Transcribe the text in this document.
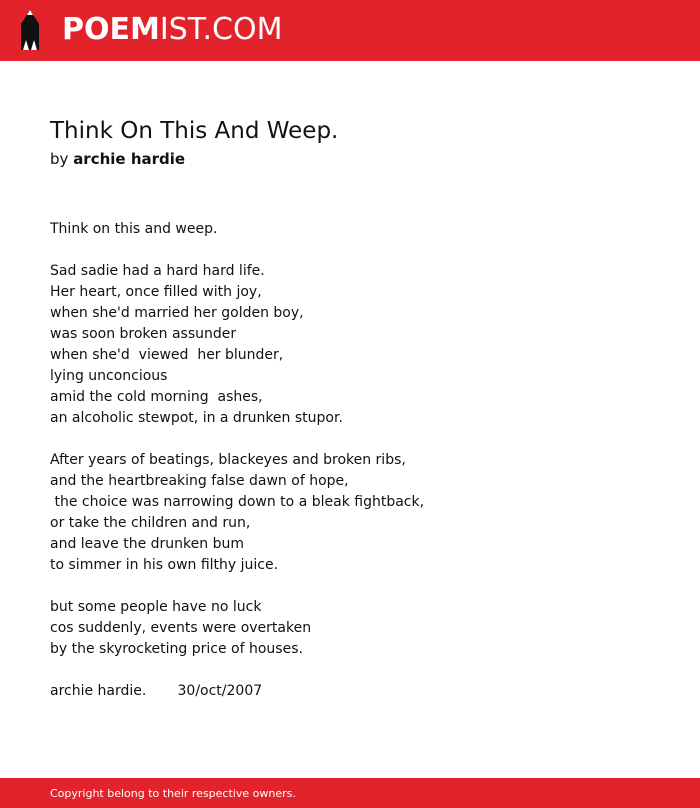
POEMIST.COM
Think On This And Weep.
by archie hardie
Think on this and weep.
Sad sadie had a hard hard life.
Her heart, once filled with joy,
when she'd married her golden boy,
was soon broken assunder
when she'd  viewed  her blunder,
lying unconcious
amid the cold morning  ashes,
an alcoholic stewpot, in a drunken stupor.
After years of beatings, blackeyes and broken ribs,
and the heartbreaking false dawn of hope,
the choice was narrowing down to a bleak fightback,
or take the children and run,
and leave the drunken bum
to simmer in his own filthy juice.
but some people have no luck
cos suddenly, events were overtaken
by the skyrocketing price of houses.
archie hardie.       30/oct/2007
Copyright belong to their respective owners.
